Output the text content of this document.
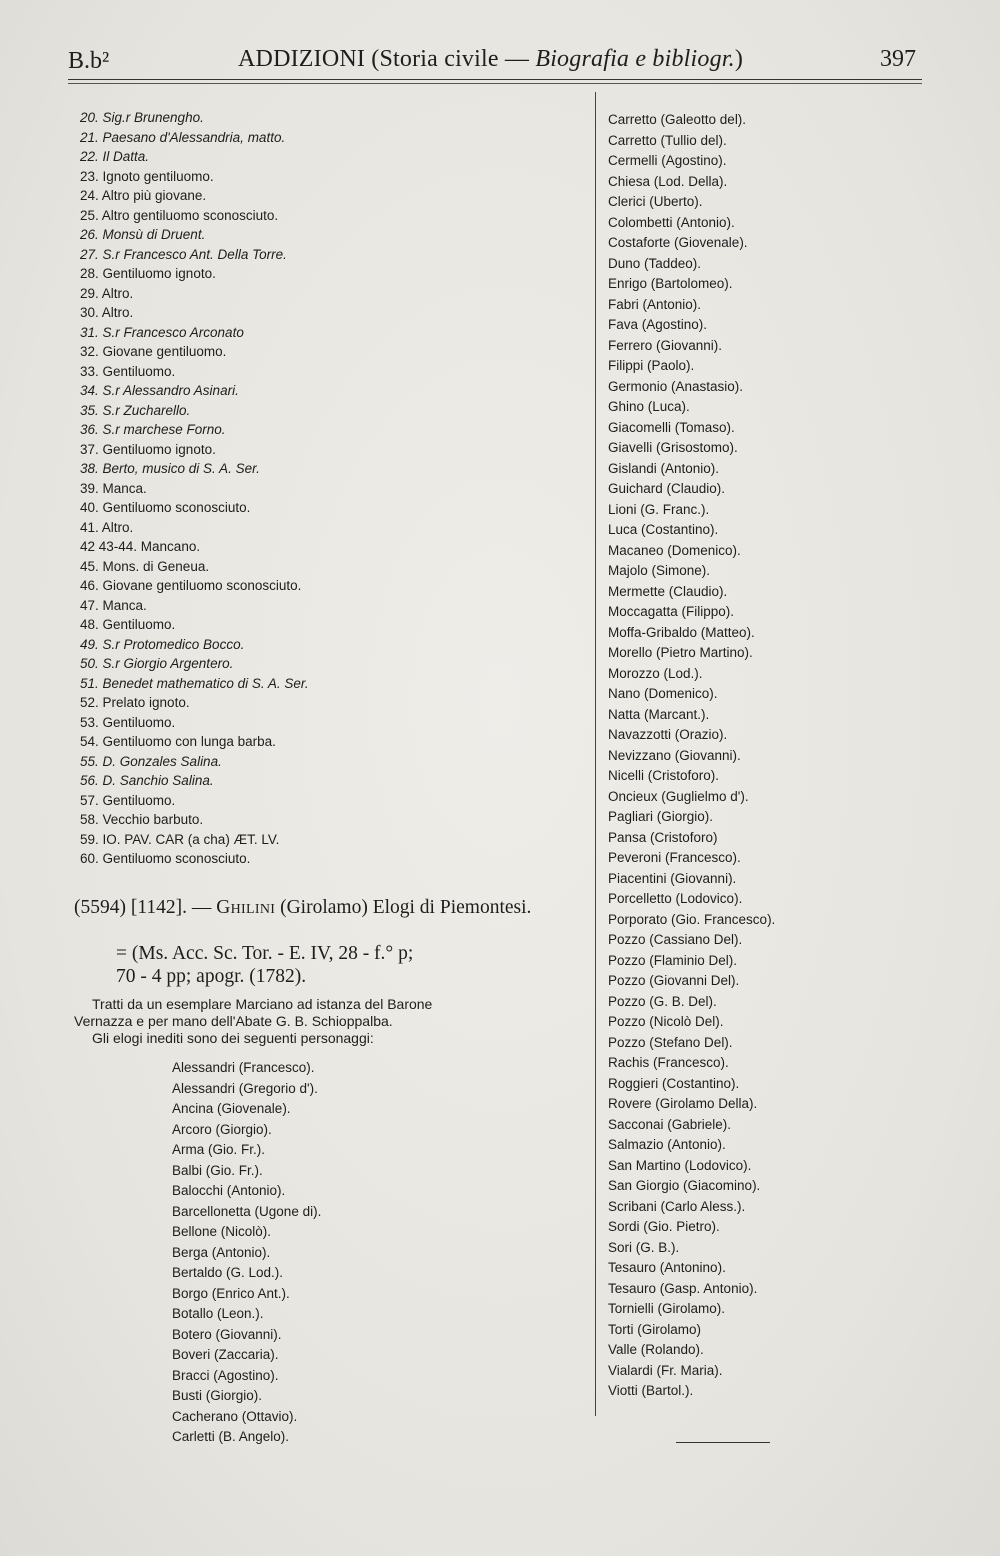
B.b²	ADDIZIONI (Storia civile — Biografia e bibliogr.)	397
20. Sig.r Brunengho.
21. Paesano d'Alessandria, matto.
22. Il Datta.
23. Ignoto gentiluomo.
24. Altro più giovane.
25. Altro gentiluomo sconosciuto.
26. Monsù di Druent.
27. S.r Francesco Ant. Della Torre.
28. Gentiluomo ignoto.
29. Altro.
30. Altro.
31. S.r Francesco Arconato
32. Giovane gentiluomo.
33. Gentiluomo.
34. S.r Alessandro Asinari.
35. S.r Zucharello.
36. S.r marchese Forno.
37. Gentiluomo ignoto.
38. Berto, musico di S. A. Ser.
39. Manca.
40. Gentiluomo sconosciuto.
41. Altro.
42 43-44. Mancano.
45. Mons. di Geneua.
46. Giovane gentiluomo sconosciuto.
47. Manca.
48. Gentiluomo.
49. S.r Protomedico Bocco.
50. S.r Giorgio Argentero.
51. Benedet mathematico di S. A. Ser.
52. Prelato ignoto.
53. Gentiluomo.
54. Gentiluomo con lunga barba.
55. D. Gonzales Salina.
56. D. Sanchio Salina.
57. Gentiluomo.
58. Vecchio barbuto.
59. IO. PAV. CAR (a cha) ÆT. LV.
60. Gentiluomo sconosciuto.
(5594) [1142]. — Ghilini (Girolamo) Elogi di Piemontesi.
= (Ms. Acc. Sc. Tor. - E. IV, 28 - f.° p;
70 - 4 pp; apogr. (1782).
Tratti da un esemplare Marciano ad istanza del Barone
Vernazza e per mano dell'Abate G. B. Schioppalba.
Gli elogi inediti sono dei seguenti personaggi:
Alessandri (Francesco).
Alessandri (Gregorio d').
Ancina (Giovenale).
Arcoro (Giorgio).
Arma (Gio. Fr.).
Balbi (Gio. Fr.).
Balocchi (Antonio).
Barcellonetta (Ugone di).
Bellone (Nicolò).
Berga (Antonio).
Bertaldo (G. Lod.).
Borgo (Enrico Ant.).
Botallo (Leon.).
Botero (Giovanni).
Boveri (Zaccaria).
Bracci (Agostino).
Busti (Giorgio).
Cacherano (Ottavio).
Carletti (B. Angelo).
Carretto (Galeotto del).
Carretto (Tullio del).
Cermelli (Agostino).
Chiesa (Lod. Della).
Clerici (Uberto).
Colombetti (Antonio).
Costaforte (Giovenale).
Duno (Taddeo).
Enrigo (Bartolomeo).
Fabri (Antonio).
Fava (Agostino).
Ferrero (Giovanni).
Filippi (Paolo).
Germonio (Anastasio).
Ghino (Luca).
Giacomelli (Tomaso).
Giavelli (Grisostomo).
Gislandi (Antonio).
Guichard (Claudio).
Lioni (G. Franc.).
Luca (Costantino).
Macaneo (Domenico).
Majolo (Simone).
Mermette (Claudio).
Moccagatta (Filippo).
Moffa-Gribaldo (Matteo).
Morello (Pietro Martino).
Morozzo (Lod.).
Nano (Domenico).
Natta (Marcant.).
Navazzotti (Orazio).
Nevizzano (Giovanni).
Nicelli (Cristoforo).
Oncieux (Guglielmo d').
Pagliari (Giorgio).
Pansa (Cristoforo)
Peveroni (Francesco).
Piacentini (Giovanni).
Porcelletto (Lodovico).
Porporato (Gio. Francesco).
Pozzo (Cassiano Del).
Pozzo (Flaminio Del).
Pozzo (Giovanni Del).
Pozzo (G. B. Del).
Pozzo (Nicolò Del).
Pozzo (Stefano Del).
Rachis (Francesco).
Roggieri (Costantino).
Rovere (Girolamo Della).
Sacconai (Gabriele).
Salmazio (Antonio).
San Martino (Lodovico).
San Giorgio (Giacomino).
Scribani (Carlo Aless.).
Sordi (Gio. Pietro).
Sori (G. B.).
Tesauro (Antonino).
Tesauro (Gasp. Antonio).
Tornielli (Girolamo).
Torti (Girolamo)
Valle (Rolando).
Vialardi (Fr. Maria).
Viotti (Bartol.).
